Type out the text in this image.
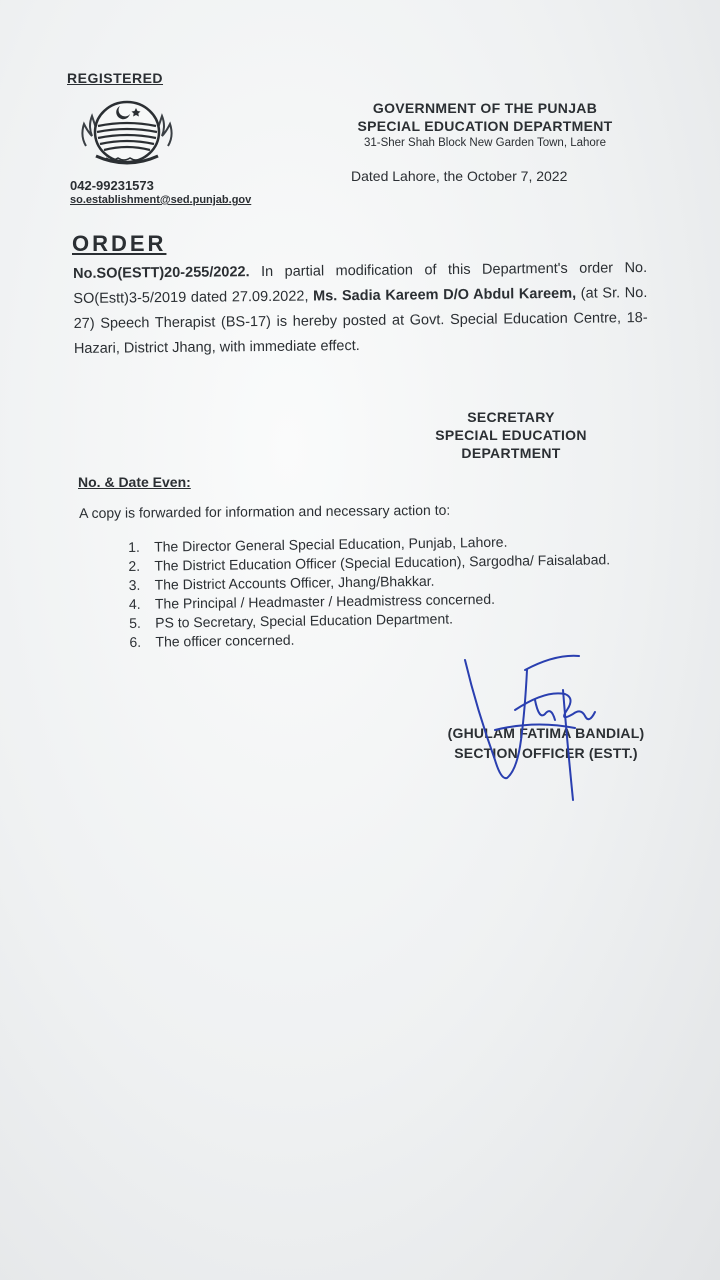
REGISTERED
GOVERNMENT OF THE PUNJAB
SPECIAL EDUCATION DEPARTMENT
31-Sher Shah Block New Garden Town, Lahore
042-99231573
so.establishment@sed.punjab.gov
Dated Lahore, the October 7, 2022
ORDER
No.SO(ESTT)20-255/2022. In partial modification of this Department's order No. SO(Estt)3-5/2019 dated 27.09.2022, Ms. Sadia Kareem D/O Abdul Kareem, (at Sr. No. 27) Speech Therapist (BS-17) is hereby posted at Govt. Special Education Centre, 18-Hazari, District Jhang, with immediate effect.
SECRETARY
SPECIAL EDUCATION
DEPARTMENT
No. & Date Even:
A copy is forwarded for information and necessary action to:
1.	The Director General Special Education, Punjab, Lahore.
2.	The District Education Officer (Special Education), Sargodha/ Faisalabad.
3.	The District Accounts Officer, Jhang/Bhakkar.
4.	The Principal / Headmaster / Headmistress concerned.
5.	PS to Secretary, Special Education Department.
6.	The officer concerned.
(GHULAM FATIMA BANDIAL)
SECTION OFFICER (ESTT.)
